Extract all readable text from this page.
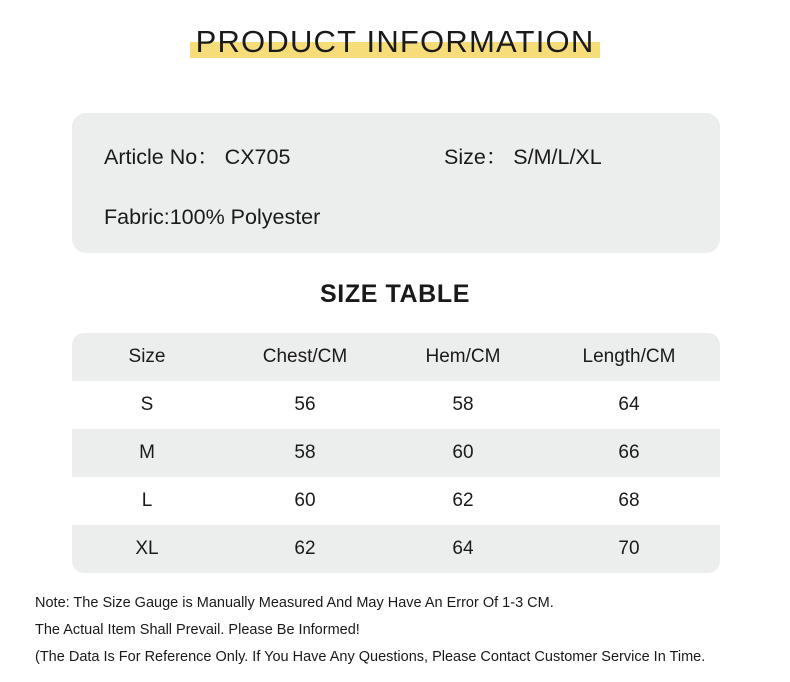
PRODUCT INFORMATION
Article No： CX705	Size： S/M/L/XL
Fabric:100% Polyester
SIZE TABLE
Size	Chest/CM	Hem/CM	Length/CM
S	56	58	64
M	58	60	66
L	60	62	68
XL	62	64	70
Note: The Size Gauge is Manually Measured And May Have An Error Of 1-3 CM.
The Actual Item Shall Prevail. Please Be Informed!
(The Data Is For Reference Only. If You Have Any Questions, Please Contact Customer Service In Time.
